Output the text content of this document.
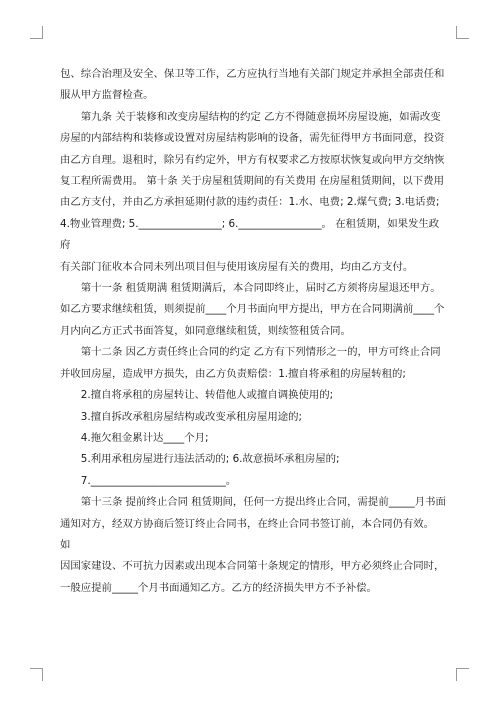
包、综合治理及安全、保卫等工作，乙方应执行当地有关部门规定并承担全部责任和

服从甲方监督检查。

　　第九条 关于装修和改变房屋结构的约定 乙方不得随意损坏房屋设施，如需改变

房屋的内部结构和装修或设置对房屋结构影响的设备，需先征得甲方书面同意，投资

由乙方自理。退租时，除另有约定外，甲方有权要求乙方按原状恢复或向甲方交纳恢

复工程所需费用。 第十条 关于房屋租赁期间的有关费用 在房屋租赁期间，以下费用

由乙方支付，并由乙方承担延期付款的违约责任：1.水、电费; 2.煤气费; 3.电话费;

4.物业管理费; 5.________________; 6.________________。 在租赁期，如果发生政府

有关部门征收本合同未列出项目但与使用该房屋有关的费用，均由乙方支付。

　　第十一条 租赁期满 租赁期满后，本合同即终止，届时乙方须将房屋退还甲方。

如乙方要求继续租赁，则须提前____个月书面向甲方提出，甲方在合同期满前____个

月内向乙方正式书面答复，如同意继续租赁，则续签租赁合同。

　　第十二条 因乙方责任终止合同的约定 乙方有下列情形之一的，甲方可终止合同

并收回房屋，造成甲方损失，由乙方负责赔偿：1.擅自将承租的房屋转租的;

　　2.擅自将承租的房屋转让、转借他人或擅自调换使用的;

　　3.擅自拆改承租房屋结构或改变承租房屋用途的;

　　4.拖欠租金累计达____个月;

　　5.利用承租房屋进行违法活动的; 6.故意损坏承租房屋的;

　　7.__________________________。

　　第十三条 提前终止合同 租赁期间，任何一方提出终止合同，需提前_____月书面

通知对方，经双方协商后签订终止合同书，在终止合同书签订前，本合同仍有效。 如

因国家建设、不可抗力因素或出现本合同第十条规定的情形，甲方必须终止合同时，

一般应提前_____个月书面通知乙方。乙方的经济损失甲方不予补偿。
